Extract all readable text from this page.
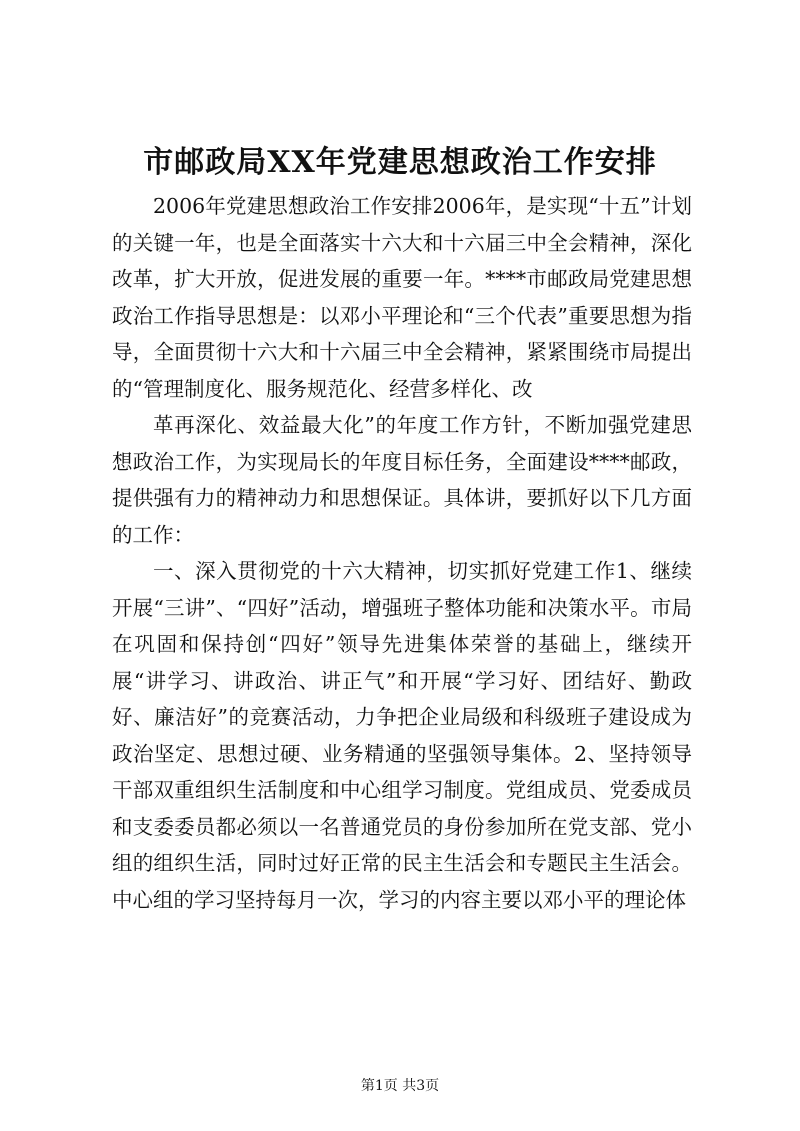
市邮政局XX年党建思想政治工作安排

2006年党建思想政治工作安排2006年，是实现“十五”计划的关键一年，也是全面落实十六大和十六届三中全会精神，深化改革，扩大开放，促进发展的重要一年。****市邮政局党建思想政治工作指导思想是：以邓小平理论和“三个代表”重要思想为指导，全面贯彻十六大和十六届三中全会精神，紧紧围绕市局提出的“管理制度化、服务规范化、经营多样化、改

革再深化、效益最大化”的年度工作方针，不断加强党建思想政治工作，为实现局长的年度目标任务，全面建设****邮政，提供强有力的精神动力和思想保证。具体讲，要抓好以下几方面的工作：

一、深入贯彻党的十六大精神，切实抓好党建工作1、继续开展“三讲”、“四好”活动，增强班子整体功能和决策水平。市局在巩固和保持创“四好”领导先进集体荣誉的基础上，继续开展“讲学习、讲政治、讲正气”和开展“学习好、团结好、勤政好、廉洁好”的竞赛活动，力争把企业局级和科级班子建设成为政治坚定、思想过硬、业务精通的坚强领导集体。2、坚持领导干部双重组织生活制度和中心组学习制度。党组成员、党委成员和支委委员都必须以一名普通党员的身份参加所在党支部、党小组的组织生活，同时过好正常的民主生活会和专题民主生活会。中心组的学习坚持每月一次，学习的内容主要以邓小平的理论体

第1页 共3页
